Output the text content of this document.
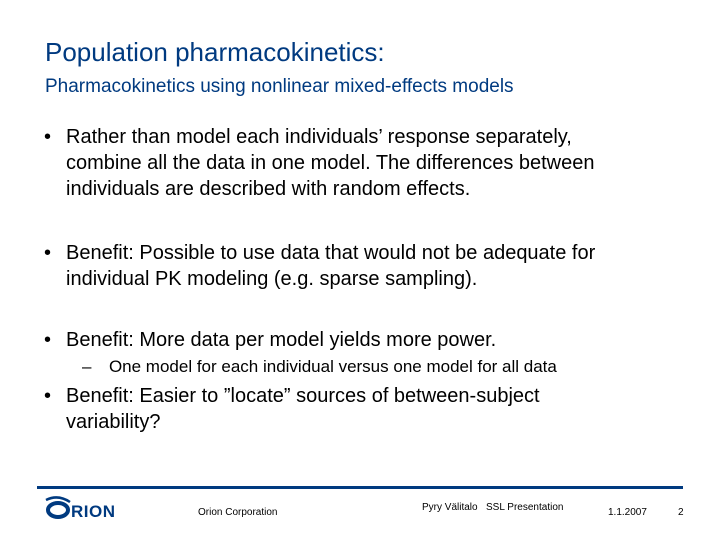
Population pharmacokinetics:
Pharmacokinetics using nonlinear mixed-effects models
• Rather than model each individuals’ response separately,
combine all the data in one model. The differences between
individuals are described with random effects.
• Benefit: Possible to use data that would not be adequate for
individual PK modeling (e.g. sparse sampling).
• Benefit: More data per model yields more power.
– One model for each individual versus one model for all data
• Benefit: Easier to ”locate” sources of between-subject
variability?
RION	Orion Corporation	Pyry Välitalo SSL Presentation	1.1.2007	2
